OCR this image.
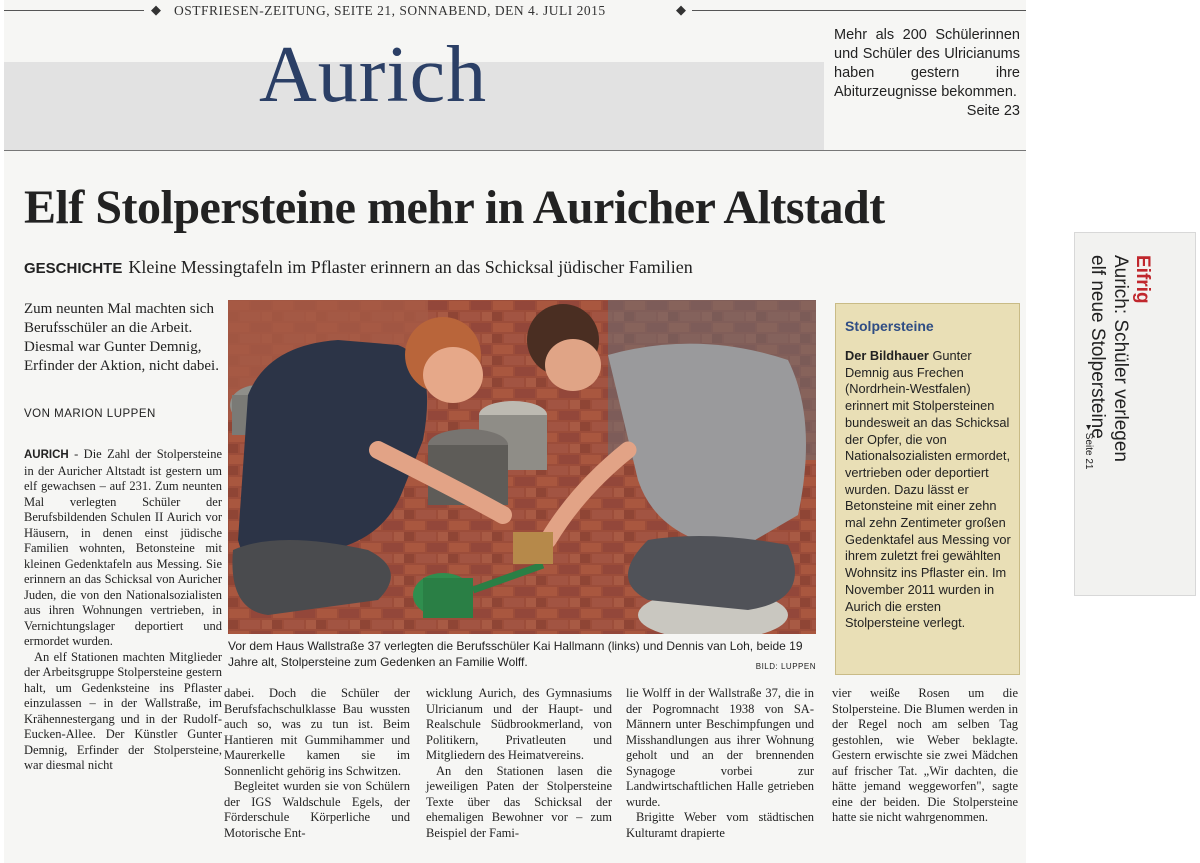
◆ OSTFRIESEN-ZEITUNG, SEITE 21, SONNABEND, DEN 4. JULI 2015	◆
Aurich	Mehr als 200 Schülerinnen und Schüler des Ulricianums haben gestern ihre Abiturzeugnisse bekommen.
Seite 23
Elf Stolpersteine mehr in Auricher Altstadt
GESCHICHTE Kleine Messingtafeln im Pflaster erinnern an das Schicksal jüdischer Familien
Zum neunten Mal machten sich Berufsschüler an die Arbeit. Diesmal war Gunter Demnig, Erfinder der Aktion, nicht dabei.
VON MARION LUPPEN

AURICH - Die Zahl der Stolpersteine in der Auricher Altstadt ist gestern um elf gewachsen – auf 231. Zum neunten Mal verlegten Schüler der Berufsbildenden Schulen II Aurich vor Häusern, in denen einst jüdische Familien wohnten, Betonsteine mit kleinen Gedenktafeln aus Messing. Sie erinnern an das Schicksal von Auricher Juden, die von den Nationalsozialisten aus ihren Wohnungen vertrieben, in Vernichtungslager deportiert und ermordet wurden.

An elf Stationen machten Mitglieder der Arbeitsgruppe Stolpersteine gestern halt, um Gedenksteine ins Pflaster einzulassen – in der Wallstraße, im Krähennestergang und in der Rudolf-Eucken-Allee. Der Künstler Gunter Demnig, Erfinder der Stolpersteine, war diesmal nicht

Vor dem Haus Wallstraße 37 verlegten die Berufsschüler Kai Hallmann (links) und Dennis van Loh, beide 19 Jahre alt, Stolpersteine zum Gedenken an Familie Wolff.	BILD: LUPPEN
Stolpersteine
Der Bildhauer Gunter Demnig aus Frechen (Nordrhein-Westfalen) erinnert mit Stolpersteinen bundesweit an das Schicksal der Opfer, die von Nationalsozialisten ermordet, vertrieben oder deportiert wurden. Dazu lässt er Betonsteine mit einer zehn mal zehn Zentimeter großen Gedenktafel aus Messing vor ihrem zuletzt frei gewählten Wohnsitz ins Pflaster ein. Im November 2011 wurden in Aurich die ersten Stolpersteine verlegt.

dabei. Doch die Schüler der Berufsfachschulklasse Bau wussten auch so, was zu tun ist. Beim Hantieren mit Gummihammer und Maurerkelle kamen sie im Sonnenlicht gehörig ins Schwitzen.

Begleitet wurden sie von Schülern der IGS Waldschule Egels, der Förderschule Körperliche und Motorische Ent-

wicklung Aurich, des Gymnasiums Ulricianum und der Haupt- und Realschule Südbrookmerland, von Politikern, Privatleuten und Mitgliedern des Heimatvereins.

An den Stationen lasen die jeweiligen Paten der Stolpersteine Texte über das Schicksal der ehemaligen Bewohner vor – zum Beispiel der Fami-

lie Wolff in der Wallstraße 37, die in der Pogromnacht 1938 von SA-Männern unter Beschimpfungen und Misshandlungen aus ihrer Wohnung geholt und an der brennenden Synagoge vorbei zur Landwirtschaftlichen Halle getrieben wurde.

Brigitte Weber vom städtischen Kulturamt drapierte

vier weiße Rosen um die Stolpersteine. Die Blumen werden in der Regel noch am selben Tag gestohlen, wie Weber beklagte. Gestern erwischte sie zwei Mädchen auf frischer Tat. „Wir dachten, die hätte jemand weggeworfen", sagte eine der beiden. Die Stolpersteine hatte sie nicht wahrgenommen.

Eifrig
Aurich: Schüler verlegen
elf neue Stolpersteine
▸ Seite 21
